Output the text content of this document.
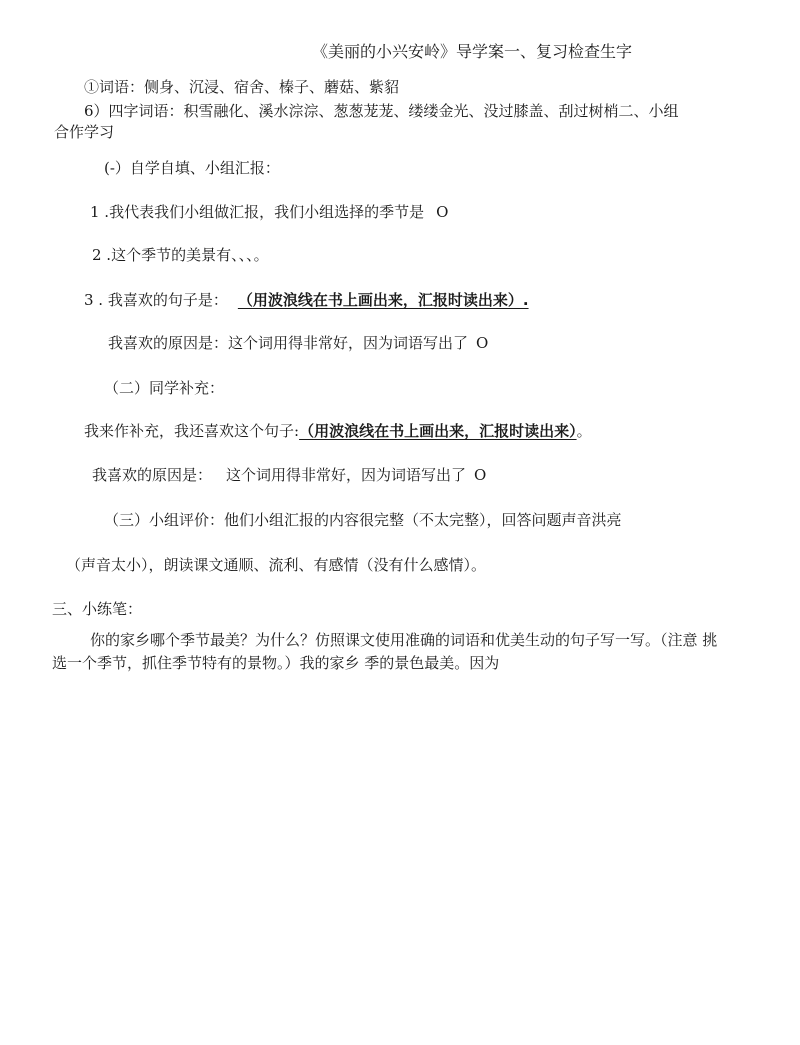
《美丽的小兴安岭》导学案一、复习检查生字
①词语：侧身、沉浸、宿舍、榛子、蘑菇、紫貂
6）四字词语：积雪融化、溪水淙淙、葱葱茏茏、缕缕金光、没过膝盖、刮过树梢二、小组
合作学习
(-）自学自填、小组汇报：
1 .我代表我们小组做汇报，我们小组选择的季节是 O
2 .这个季节的美景有、、、。
3 . 我喜欢的句子是： （用波浪线在书上画出来，汇报时读出来）.
我喜欢的原因是：这个词用得非常好，因为词语写出了 O
（二）同学补充：
我来作补充，我还喜欢这个句子:（用波浪线在书上画出来，汇报时读出来）。
我喜欢的原因是： 这个词用得非常好，因为词语写出了 O
（三）小组评价：他们小组汇报的内容很完整（不太完整），回答问题声音洪亮
（声音太小），朗读课文通顺、流利、有感情（没有什么感情）。
三、小练笔：
你的家乡哪个季节最美？为什么？仿照课文使用准确的词语和优美生动的句子写一写。（注意 挑
选一个季节，抓住季节特有的景物。）我的家乡 季的景色最美。因为
